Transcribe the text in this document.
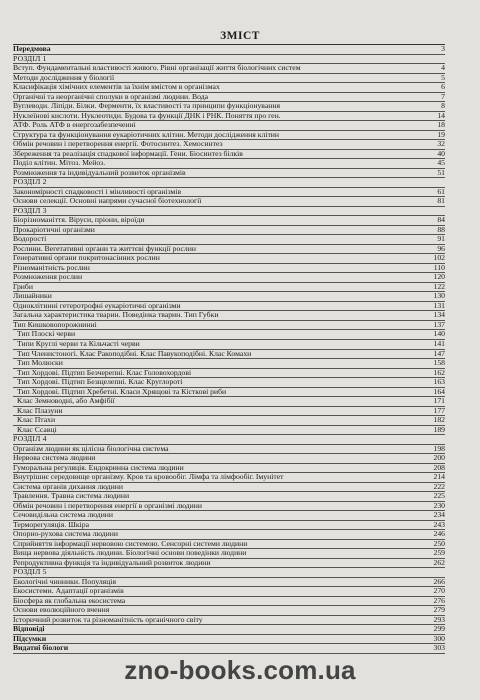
ЗМІСТ
Передмова	3
РОЗДІЛ 1
Вступ. Фундаментальні властивості живого. Рівні організації життя біологічних систем	4
Методи дослідження у біології	5
Класифікація хімічних елементів за їхнім вмістом в організмах	6
Органічні та неорганічні сполуки в організмі людини. Вода	7
Вуглеводи. Ліпіди. Білки. Ферменти, їх властивості та принципи функціонування	8
Нуклеїнові кислоти. Нуклеотиди. Будова та функції ДНК і РНК. Поняття про ген.	14
АТФ. Роль АТФ в енергозабезпеченні	18
Структура та функціонування еукаріотичних клітин. Методи дослідження клітин	19
Обмін речовин і перетворення енергії. Фотосинтез. Хемосинтез	32
Збереження та реалізація спадкової інформації. Гени. Біосинтез білків	40
Поділ клітин. Мітоз. Мейоз.	45
Розмноження та індивідуальний розвиток організмів	51
РОЗДІЛ 2
Закономірності спадковості і мінливості організмів	61
Основи селекції. Основні напрями сучасної біотехнології	81
РОЗДІЛ 3
Біорізноманіття. Віруси, пріони, віроїди	84
Прокаріотичні організми	88
Водорості	91
Рослини. Вегетативні органи та життєві функції рослин	96
Генеративні органи покритонасінних рослин	102
Різноманітність рослин	110
Розмноження рослин	120
Гриби	122
Лишайники	130
Одноклітинні гетеротрофні еукаріотичні організми	131
Загальна характеристика тварин. Поведінка тварин. Тип Губки	134
Тип Кишковопорожнинні	137
Тип Плоскі черви	140
Типи Круглі черви та Кільчасті черви	141
Тип Членистоногі. Клас Ракоподібні. Клас Павукоподібні. Клас Комахи	147
Тип Молюски	158
Тип Хордові. Підтип Безчерепні. Клас Головохордові	162
Тип Хордові. Підтип Безщелепні. Клас Круглороті	163
Тип Хордові. Підтип Хребетні. Класи Хрящові та Кісткові риби	164
Клас Земноводні, або Амфібії	171
Клас Плазуни	177
Клас Птахи	182
Клас Ссавці	189
РОЗДІЛ 4
Організм людини як цілісна біологічна система	198
Нервова система людини	200
Гуморальна регуляція. Ендокринна система людини	208
Внутрішнє середовище організму. Кров та кровообіг. Лімфа та лімфообіг. Імунітет	214
Система органів дихання людини	222
Травлення. Травна система людини	225
Обмін речовин і перетворення енергії в організмі людини	230
Сечовидільна система людини	234
Терморегуляція. Шкіра	243
Опорно-рухова система людини	246
Сприйняття інформації нервовою системою. Сенсорні системи людини	250
Вища нервова діяльність людини. Біологічні основи поведінки людини	259
Репродуктивна функція та індивідуальний розвиток людини	262
РОЗДІЛ 5
Екологічні чинники. Популяція	266
Екосистеми. Адаптації організмів	270
Біосфера як глобальна екосистема	276
Основи еволюційного вчення	279
Історичний розвиток та різноманітність органічного світу	293
Відповіді	299
Підсумки	300
Видатні біологи	303
zno-books.com.ua
